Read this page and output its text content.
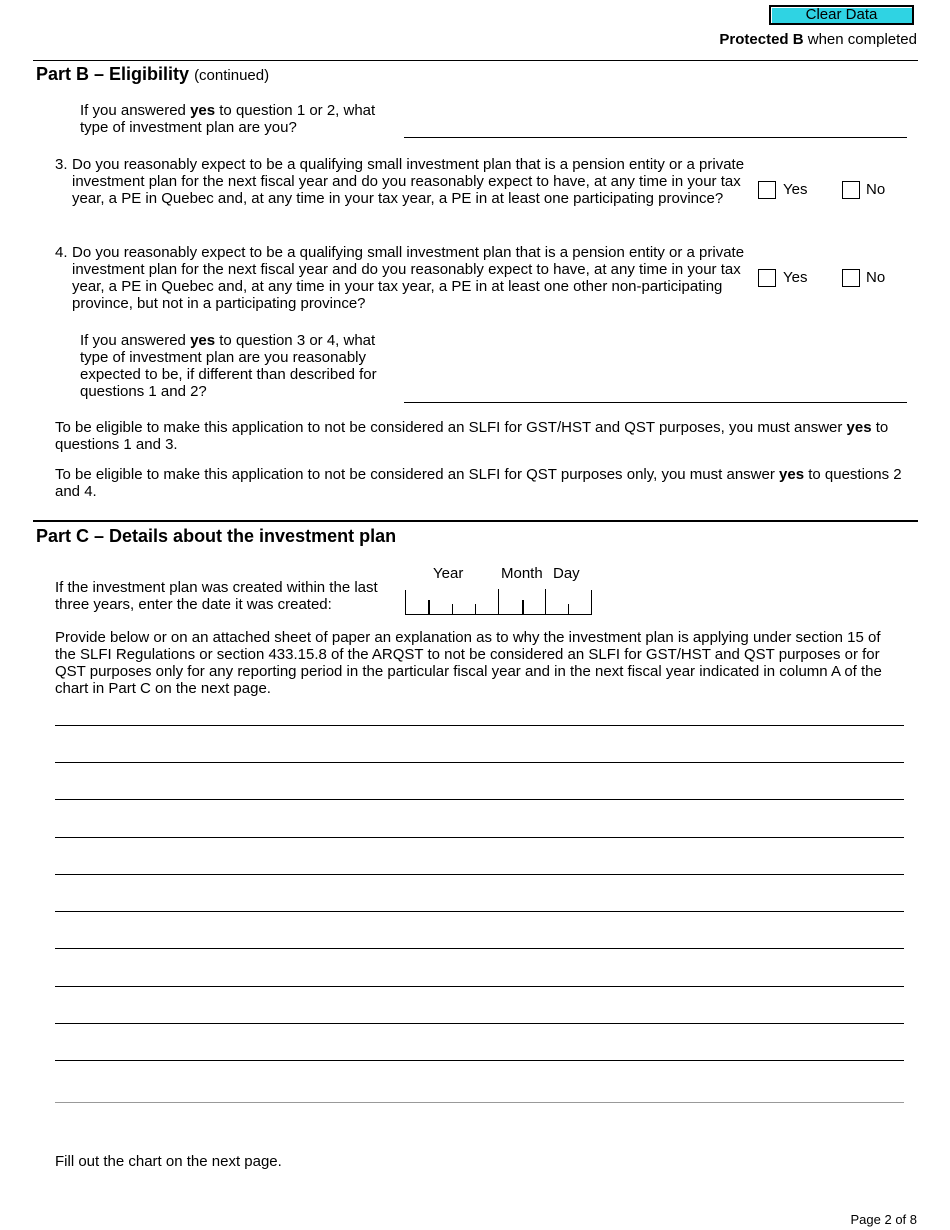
Clear Data
Protected B when completed
Part B – Eligibility (continued)
If you answered yes to question 1 or 2, what type of investment plan are you?
3. Do you reasonably expect to be a qualifying small investment plan that is a pension entity or a private investment plan for the next fiscal year and do you reasonably expect to have, at any time in your tax year, a PE in Quebec and, at any time in your tax year, a PE in at least one participating province?
Yes	No
4. Do you reasonably expect to be a qualifying small investment plan that is a pension entity or a private investment plan for the next fiscal year and do you reasonably expect to have, at any time in your tax year, a PE in Quebec and, at any time in your tax year, a PE in at least one other non-participating province, but not in a participating province?
Yes	No
If you answered yes to question 3 or 4, what type of investment plan are you reasonably expected to be, if different than described for questions 1 and 2?
To be eligible to make this application to not be considered an SLFI for GST/HST and QST purposes, you must answer yes to questions 1 and 3.
To be eligible to make this application to not be considered an SLFI for QST purposes only, you must answer yes to questions 2 and 4.
Part C – Details about the investment plan
Year	Month Day
If the investment plan was created within the last three years, enter the date it was created:
Provide below or on an attached sheet of paper an explanation as to why the investment plan is applying under section 15 of the SLFI Regulations or section 433.15.8 of the ARQST to not be considered an SLFI for GST/HST and QST purposes or for QST purposes only for any reporting period in the particular fiscal year and in the next fiscal year indicated in column A of the chart in Part C on the next page.
Fill out the chart on the next page.
Page 2 of 8
